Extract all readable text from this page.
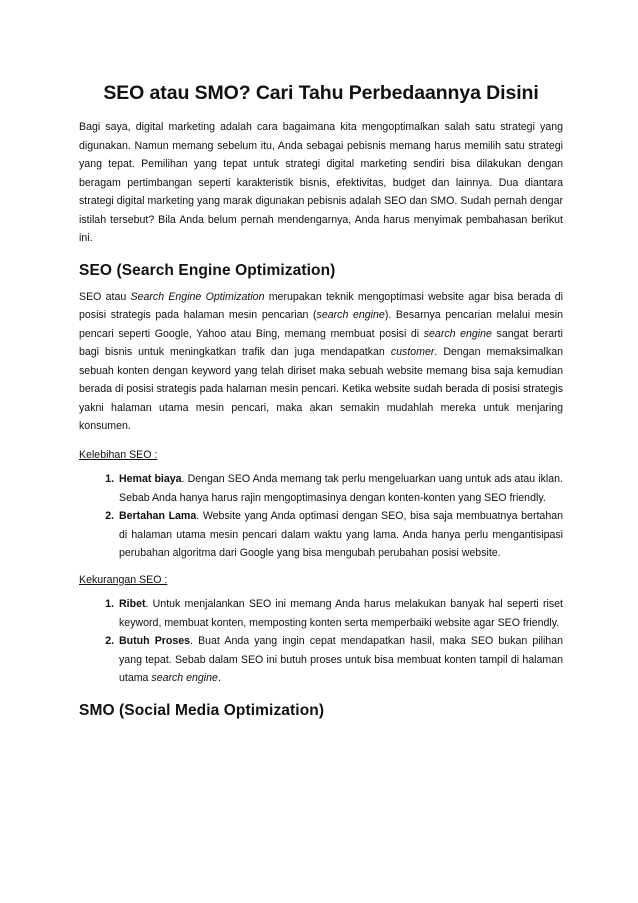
SEO atau SMO? Cari Tahu Perbedaannya Disini

Bagi saya, digital marketing adalah cara bagaimana kita mengoptimalkan salah satu strategi yang digunakan. Namun memang sebelum itu, Anda sebagai pebisnis memang harus memilih satu strategi yang tepat. Pemilihan yang tepat untuk strategi digital marketing sendiri bisa dilakukan dengan beragam pertimbangan seperti karakteristik bisnis, efektivitas, budget dan lainnya. Dua diantara strategi digital marketing yang marak digunakan pebisnis adalah SEO dan SMO. Sudah pernah dengar istilah tersebut? Bila Anda belum pernah mendengarnya, Anda harus menyimak pembahasan berikut ini.

SEO (Search Engine Optimization)

SEO atau Search Engine Optimization merupakan teknik mengoptimasi website agar bisa berada di posisi strategis pada halaman mesin pencarian (search engine). Besarnya pencarian melalui mesin pencari seperti Google, Yahoo atau Bing, memang membuat posisi di search engine sangat berarti bagi bisnis untuk meningkatkan trafik dan juga mendapatkan customer. Dengan memaksimalkan sebuah konten dengan keyword yang telah diriset maka sebuah website memang bisa saja kemudian berada di posisi strategis pada halaman mesin pencari. Ketika website sudah berada di posisi strategis yakni halaman utama mesin pencari, maka akan semakin mudahlah mereka untuk menjaring konsumen.

Kelebihan SEO :
1. Hemat biaya. Dengan SEO Anda memang tak perlu mengeluarkan uang untuk ads atau iklan. Sebab Anda hanya harus rajin mengoptimasinya dengan konten-konten yang SEO friendly.
2. Bertahan Lama. Website yang Anda optimasi dengan SEO, bisa saja membuatnya bertahan di halaman utama mesin pencari dalam waktu yang lama. Anda hanya perlu mengantisipasi perubahan algoritma dari Google yang bisa mengubah perubahan posisi website.
Kekurangan SEO :
1. Ribet. Untuk menjalankan SEO ini memang Anda harus melakukan banyak hal seperti riset keyword, membuat konten, memposting konten serta memperbaiki website agar SEO friendly.
2. Butuh Proses. Buat Anda yang ingin cepat mendapatkan hasil, maka SEO bukan pilihan yang tepat. Sebab dalam SEO ini butuh proses untuk bisa membuat konten tampil di halaman utama search engine.
SMO (Social Media Optimization)
